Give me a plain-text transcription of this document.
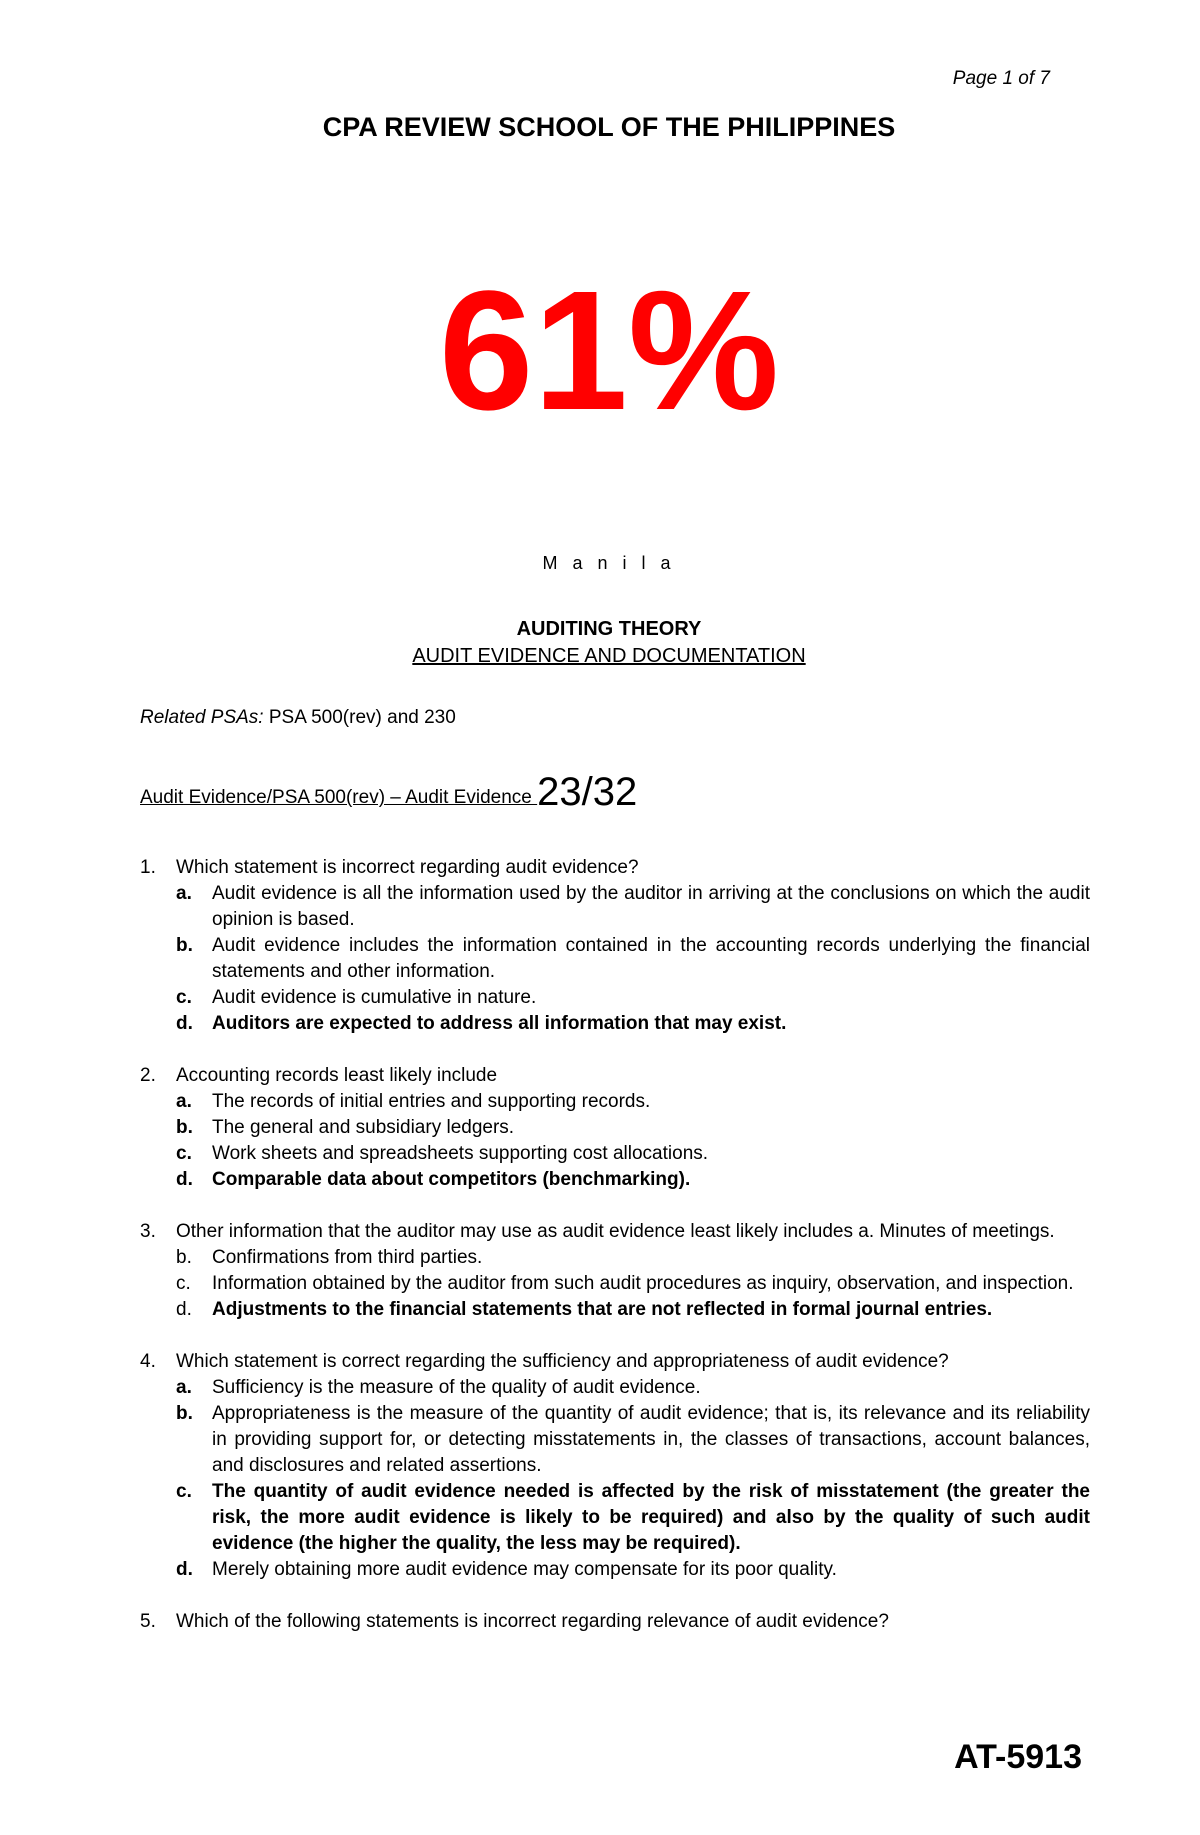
Page 1 of 7
CPA REVIEW SCHOOL OF THE PHILIPPINES
61%
M a n i l a
AUDITING THEORY
AUDIT EVIDENCE AND DOCUMENTATION
Related PSAs: PSA 500(rev) and 230
Audit Evidence/PSA 500(rev) – Audit Evidence 23/32
1.	Which statement is incorrect regarding audit evidence?
a.	Audit evidence is all the information used by the auditor in arriving at the conclusions on which the audit opinion is based.
b.	Audit evidence includes the information contained in the accounting records underlying the financial statements and other information.
c.	Audit evidence is cumulative in nature.
d.	Auditors are expected to address all information that may exist.
2.	Accounting records least likely include
a.	The records of initial entries and supporting records.
b.	The general and subsidiary ledgers.
c.	Work sheets and spreadsheets supporting cost allocations.
d.	Comparable data about competitors (benchmarking).
3.	Other information that the auditor may use as audit evidence least likely includes a. Minutes of meetings.
b.	Confirmations from third parties.
c.	Information obtained by the auditor from such audit procedures as inquiry, observation, and inspection.
d.	Adjustments to the financial statements that are not reflected in formal journal entries.
4.	Which statement is correct regarding the sufficiency and appropriateness of audit evidence?
a.	Sufficiency is the measure of the quality of audit evidence.
b.	Appropriateness is the measure of the quantity of audit evidence; that is, its relevance and its reliability in providing support for, or detecting misstatements in, the classes of transactions, account balances, and disclosures and related assertions.
c.	The quantity of audit evidence needed is affected by the risk of misstatement (the greater the risk, the more audit evidence is likely to be required) and also by the quality of such audit evidence (the higher the quality, the less may be required).
d.	Merely obtaining more audit evidence may compensate for its poor quality.
5.	Which of the following statements is incorrect regarding relevance of audit evidence?
AT-5913
